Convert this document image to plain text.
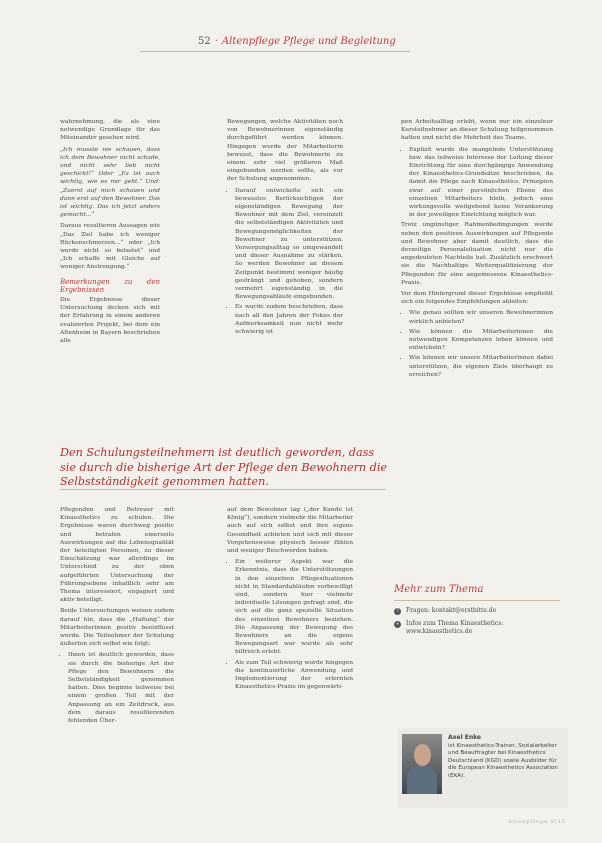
52 · Altenpflege Pflege und Begleitung

wahrnehmung, die als eine notwendige Grundlage für das Miteinander gesehen wird.

„Ich musste nie schauen, dass ich dem Bewohner nicht schade, und nicht sehr lieb nicht geschickt!“ Oder „Es ist auch wichtig, wie es mir geht.“ Und: „Zuerst auf mich schauen und dann erst auf den Bewohner. Das ist wichtig. Das ich jetzt anders gemacht...“

Daraus resultieren Aussagen wie „Das Ziel habe ich weniger Rückenschmerzen...“ oder „Ich werde nicht so belastet“ und „Ich schaffe mit Gleiche auf weniger Anstrengung.“

Bemerkungen zu den Ergebnissen

Die Ergebnisse dieser Untersuchung decken sich mit der Erfahrung in einem anderen evaluierten Projekt, bei dem ein Altenheim in Bayern beschrieben alle

Bewegungen, welche Aktivitäten noch von Bewohnerinnen eigenständig durchgeführt werden können. Hingegen wurde der Mitarbeiterin bewusst, dass die Bewohnerin zu einem sehr viel größeren Maß eingebunden werden sollte, als vor der Schulung angenommen.

• Darauf entwickelte sich ein bewusstes Berücksichtigen der eigenständigen Bewegung der Bewohner mit dem Ziel, vereinzelt die selbstständigen Aktivitäten und Bewegungsmöglichkeiten der Bewohner zu unterstützen. Versorgungsalltag so umgewandelt und dieser Ausnahme zu stärken. So werden Bewohner an diesem Zeitpunkt bestimmt weniger häufig gesträngt und gehoben, sondern vermehrt eigenständig in die Bewegungsabläufe eingebunden.
• Es wurde zudem beschrieben, dass nach all den Jahren der Fokus der Aufmerksamkeit nun nicht mehr schwierig ist

pen Arbeitsalltag erlebt, wenn nur ein einzelner Kursteilnehmer an dieser Schulung teilgenommen hatten und nicht die Mehrheit des Teams.

• Explizit wurde die mangelnde Unterstützung bzw. das teilweise Interesse der Leitung dieser Einrichtung für eine durchgängige Anwendung der Kinaesthetics-Grundsätze beschrieben, da damit die Pflege nach Kinaesthetics. Prinzipien zwar auf einer persönlichen Ebene des einzelnen Mitarbeiters bleib, jedoch eine wirkungsvolle weitgehend keine Verankerung in der jeweiligen Einrichtung möglich war.

Trotz ungünstiger Rahmenbedingungen wurde neben den positiven Auswirkungen auf Pflegende und Bewohner aber damit deutlich, dass die derzeitige Personalsituation nicht nur die angedeuteten Nachteile hat. Zusätzlich erschwert sie die Nachhaltige Weiterqualifizierung der Pflegenden für eine angemessene Kinaesthetics-Praxis.

Vor dem Hintergrund dieser Ergebnisse empfiehlt sich ein folgendes Empfehlungen ableiten:

• Wie genau sollten wir unseren Bewohnerinnen wirklich anbieten?
• Wie können die Mitarbeiterinnen die notwendigen Kompetenzen leben können und entwickeln?
• Wie können wir unsere Mitarbeiterinnen dabei unterstützen, die eigenen Ziele überhaupt zu erreichen?
Den Schulungsteilnehmern ist deutlich geworden, dass sie durch die bisherige Art der Pflege den Bewohnern die Selbstständigkeit genommen hatten.

Pflegenden und Betreuer mit Kinaesthetics zu schulen. Die Ergebnisse waren durchweg positiv und betrafen einerseits Auswirkungen auf die Lebensqualität der beteiligten Personen, zu dieser Einschätzung war allerdings im Unterschied zu der oben aufgeführten Untersuchung der Führungsebene inhaltlich sehr am Thema interessiert, engagiert und aktiv beteiligt.

Beide Untersuchungen weisen zudem darauf hin, dass die „Haltung“ der Mitarbeiterinnen positiv beeinflusst wurde. Die Teilnehmer der Schulung äußerten sich selbst wie folgt:

• Ihnen ist deutlich geworden, dass sie durch die bisherige Art der Pflege den Bewohnern die Selbstständigkeit genommen hatten. Dies beginne teilweise bei einem großen Teil mit der Anpassung an ein Zeitdruck, aus dem daraus resultierenden fehlenden Über-

auf dem Bewohner lag („der Kunde ist König“), sondern vielmehr die Mitarbeiter auch auf sich selbst und ihre eigene Gesundheit achteten und sich mit dieser Vorgehensweise physisch besser fühlen und weniger Beschwerden haben.

• Ein weiterer Aspekt war die Erkenntnis, dass die Unterstützungen in den einzelnen Pflegesituationen nicht in Standardabläufen vorbewilligt sind, sondern hier vielmehr individuelle Lösungen gefragt sind, die sich auf die ganz spezielle Situation des einzelnen Bewohners beziehen. Die Anpassung der Bewegung des Bewohners an die eigene Bewegungsart war wurde als sehr hilfreich erlebt.
• Als zum Teil schwierig wurde hingegen die kontinuierliche Anwendung und Implementierung der erlernten Kinaesthetics-Praxis im gegenwärti-
Mehr zum Thema
?	Fragen: kontakt@erstbitte.de
+ Infos zum Thema Kinaesthetics: www.kinaesthetics.de
Axel Enke
ist Kinaesthetics-Trainer, Sozialarbeiter und Beauftragter bei Kinaesthetics Deutschland (KGD) sowie Ausbilder für die European Kinaesthetics Association (EKA).
Altenpflege 9|11
